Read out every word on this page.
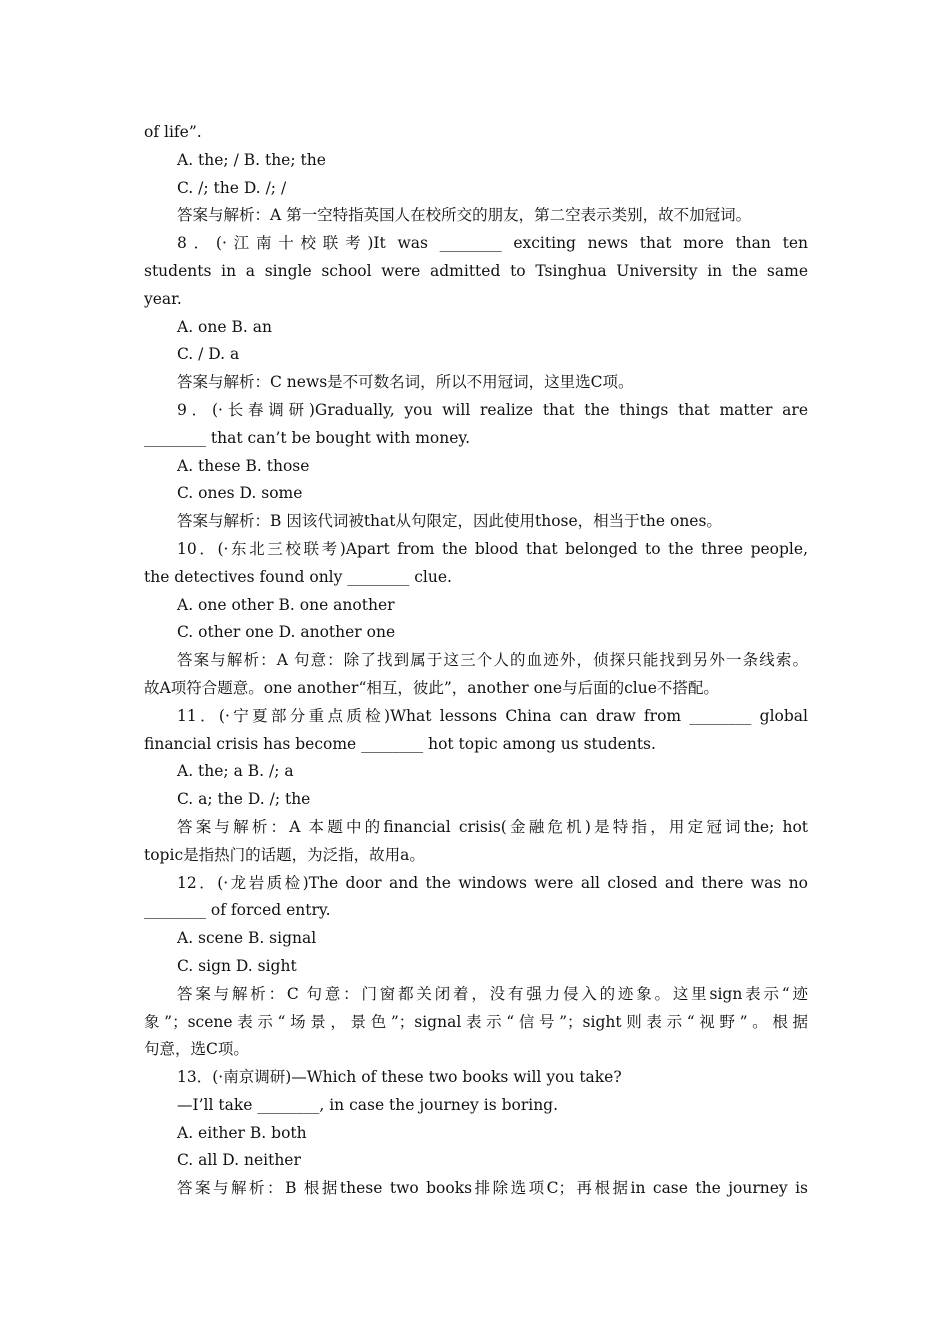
of life”.
A. the; / B. the; the
C. /; the D. /; /
答案与解析：A 第一空特指英国人在校所交的朋友，第二空表示类别，故不加冠词。
8．(·江南十校联考)It was ________ exciting news that more than ten
students in a single school were admitted to Tsinghua University in the same
year.
A. one B. an
C. / D. a
答案与解析：C news是不可数名词，所以不用冠词，这里选C项。
9．(·长春调研)Gradually, you will realize that the things that matter are
________ that can’t be bought with money.
A. these B. those
C. ones D. some
答案与解析：B 因该代词被that从句限定，因此使用those，相当于the ones。
10．(·东北三校联考)Apart from the blood that belonged to the three people,
the detectives found only ________ clue.
A. one other B. one another
C. other one D. another one
答案与解析：A 句意：除了找到属于这三个人的血迹外，侦探只能找到另外一条线索。
故A项符合题意。one another“相互，彼此”，another one与后面的clue不搭配。
11．(·宁夏部分重点质检)What lessons China can draw from ________ global
financial crisis has become ________ hot topic among us students.
A. the; a B. /; a
C. a; the D. /; the
答案与解析：A 本题中的financial crisis(金融危机)是特指，用定冠词the; hot
topic是指热门的话题，为泛指，故用a。
12．(·龙岩质检)The door and the windows were all closed and there was no
________ of forced entry.
A. scene B. signal
C. sign D. sight
答案与解析：C 句意：门窗都关闭着，没有强力侵入的迹象。这里sign表示“迹
象”；scene表示“场景，景色”；signal表示“信号”；sight则表示“视野”。根据
句意，选C项。
13．(·南京调研)—Which of these two books will you take?
—I’ll take ________, in case the journey is boring.
A. either B. both
C. all D. neither
答案与解析：B 根据these two books排除选项C；再根据in case the journey is
